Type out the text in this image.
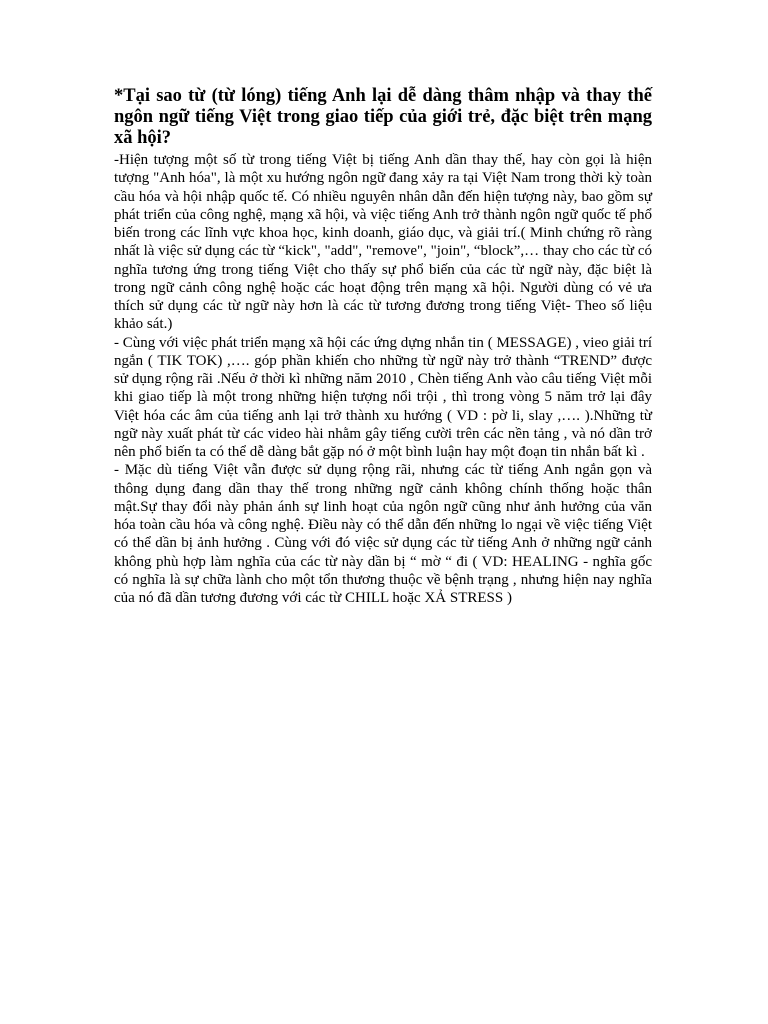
*Tại sao từ (từ lóng) tiếng Anh lại dễ dàng thâm nhập và thay thế ngôn ngữ tiếng Việt trong giao tiếp của giới trẻ, đặc biệt trên mạng xã hội?

-Hiện tượng một số từ trong tiếng Việt bị tiếng Anh dần thay thế, hay còn gọi là hiện tượng "Anh hóa", là một xu hướng ngôn ngữ đang xảy ra tại Việt Nam trong thời kỳ toàn cầu hóa và hội nhập quốc tế. Có nhiều nguyên nhân dẫn đến hiện tượng này, bao gồm sự phát triển của công nghệ, mạng xã hội, và việc tiếng Anh trở thành ngôn ngữ quốc tế phổ biến trong các lĩnh vực khoa học, kinh doanh, giáo dục, và giải trí.( Minh chứng rõ ràng nhất là việc sử dụng các từ “kick", "add", "remove", "join", “block”,… thay cho các từ có nghĩa tương ứng trong tiếng Việt cho thấy sự phổ biến của các từ ngữ này, đặc biệt là trong ngữ cảnh công nghệ hoặc các hoạt động trên mạng xã hội. Người dùng có vẻ ưa thích sử dụng các từ ngữ này hơn là các từ tương đương trong tiếng Việt- Theo số liệu khảo sát.)

- Cùng với việc phát triển mạng xã hội các ứng dựng nhắn tin ( MESSAGE) , vieo giải trí ngắn ( TIK TOK) ,…. góp phần khiến cho những từ ngữ này trở thành “TREND” được sử dụng rộng rãi .Nếu ở thời kì những năm 2010 , Chèn tiếng Anh vào câu tiếng Việt mỗi khi giao tiếp là một trong những hiện tượng nổi trội , thì trong vòng 5 năm trở lại đây Việt hóa các âm của tiếng anh lại trở thành xu hướng ( VD : pờ li, slay ,…. ).Những từ ngữ này xuất phát từ các video hài nhằm gây tiếng cười trên các nền tảng , và nó dần trở nên phổ biến ta có thể dễ dàng bắt gặp nó ở một bình luận hay một đoạn tin nhắn bất kì .

- Mặc dù tiếng Việt vẫn được sử dụng rộng rãi, nhưng các từ tiếng Anh ngắn gọn và thông dụng đang dần thay thế trong những ngữ cảnh không chính thống hoặc thân mật.Sự thay đổi này phản ánh sự linh hoạt của ngôn ngữ cũng như ảnh hưởng của văn hóa toàn cầu hóa và công nghệ. Điều này có thể dẫn đến những lo ngại về việc tiếng Việt có thể dần bị ảnh hưởng . Cùng với đó việc sử dụng các từ tiếng Anh ở những ngữ cảnh không phù hợp làm nghĩa của các từ này dần bị “ mờ “ đi ( VD: HEALING - nghĩa gốc có nghĩa là sự chữa lành cho một tổn thương thuộc về bệnh trạng , nhưng hiện nay nghĩa của nó đã dần tương đương với các từ CHILL hoặc XẢ STRESS )
